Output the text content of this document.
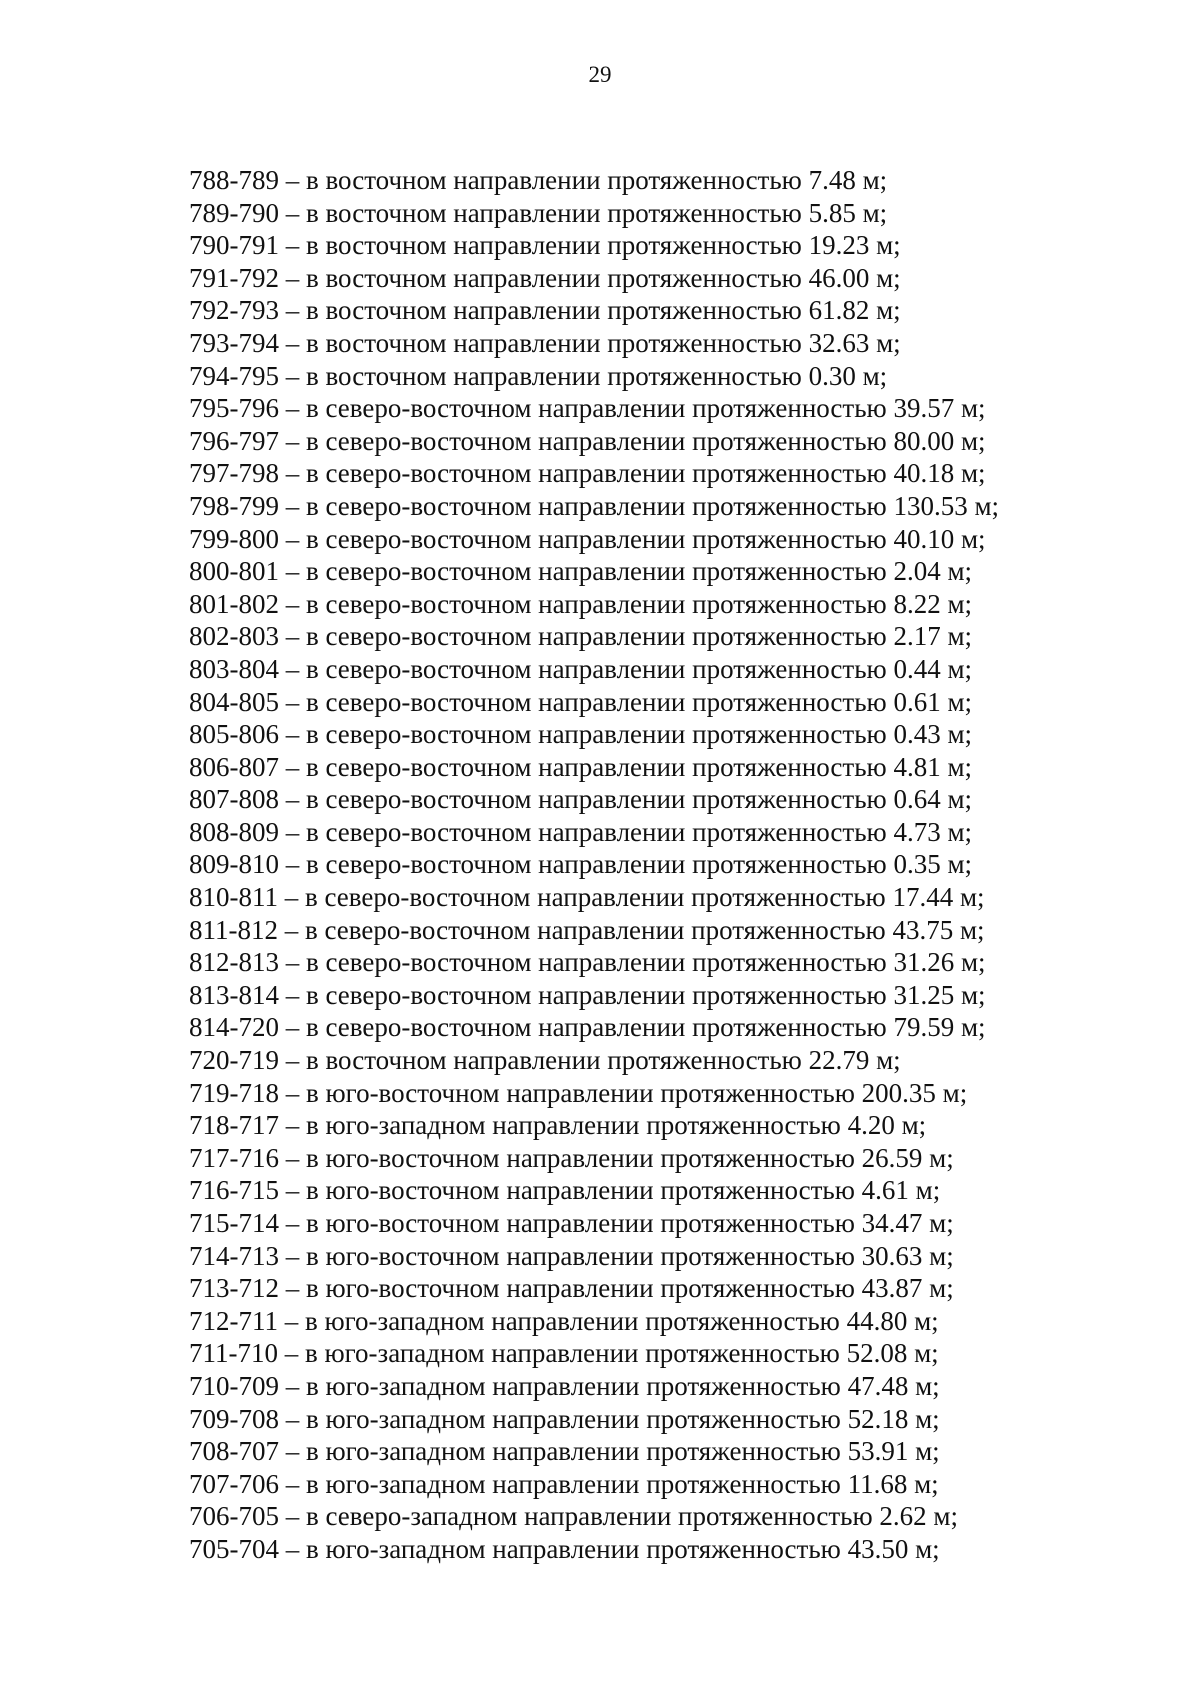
29
788-789 – в восточном направлении протяженностью 7.48 м;
789-790 – в восточном направлении протяженностью 5.85 м;
790-791 – в восточном направлении протяженностью 19.23 м;
791-792 – в восточном направлении протяженностью 46.00 м;
792-793 – в восточном направлении протяженностью 61.82 м;
793-794 – в восточном направлении протяженностью 32.63 м;
794-795 – в восточном направлении протяженностью 0.30 м;
795-796 – в северо-восточном направлении протяженностью 39.57 м;
796-797 – в северо-восточном направлении протяженностью 80.00 м;
797-798 – в северо-восточном направлении протяженностью 40.18 м;
798-799 – в северо-восточном направлении протяженностью 130.53 м;
799-800 – в северо-восточном направлении протяженностью 40.10 м;
800-801 – в северо-восточном направлении протяженностью 2.04 м;
801-802 – в северо-восточном направлении протяженностью 8.22 м;
802-803 – в северо-восточном направлении протяженностью 2.17 м;
803-804 – в северо-восточном направлении протяженностью 0.44 м;
804-805 – в северо-восточном направлении протяженностью 0.61 м;
805-806 – в северо-восточном направлении протяженностью 0.43 м;
806-807 – в северо-восточном направлении протяженностью 4.81 м;
807-808 – в северо-восточном направлении протяженностью 0.64 м;
808-809 – в северо-восточном направлении протяженностью 4.73 м;
809-810 – в северо-восточном направлении протяженностью 0.35 м;
810-811 – в северо-восточном направлении протяженностью 17.44 м;
811-812 – в северо-восточном направлении протяженностью 43.75 м;
812-813 – в северо-восточном направлении протяженностью 31.26 м;
813-814 – в северо-восточном направлении протяженностью 31.25 м;
814-720 – в северо-восточном направлении протяженностью 79.59 м;
720-719 – в восточном направлении протяженностью 22.79 м;
719-718 – в юго-восточном направлении протяженностью 200.35 м;
718-717 – в юго-западном направлении протяженностью 4.20 м;
717-716 – в юго-восточном направлении протяженностью 26.59 м;
716-715 – в юго-восточном направлении протяженностью 4.61 м;
715-714 – в юго-восточном направлении протяженностью 34.47 м;
714-713 – в юго-восточном направлении протяженностью 30.63 м;
713-712 – в юго-восточном направлении протяженностью 43.87 м;
712-711 – в юго-западном направлении протяженностью 44.80 м;
711-710 – в юго-западном направлении протяженностью 52.08 м;
710-709 – в юго-западном направлении протяженностью 47.48 м;
709-708 – в юго-западном направлении протяженностью 52.18 м;
708-707 – в юго-западном направлении протяженностью 53.91 м;
707-706 – в юго-западном направлении протяженностью 11.68 м;
706-705 – в северо-западном направлении протяженностью 2.62 м;
705-704 – в юго-западном направлении протяженностью 43.50 м;
